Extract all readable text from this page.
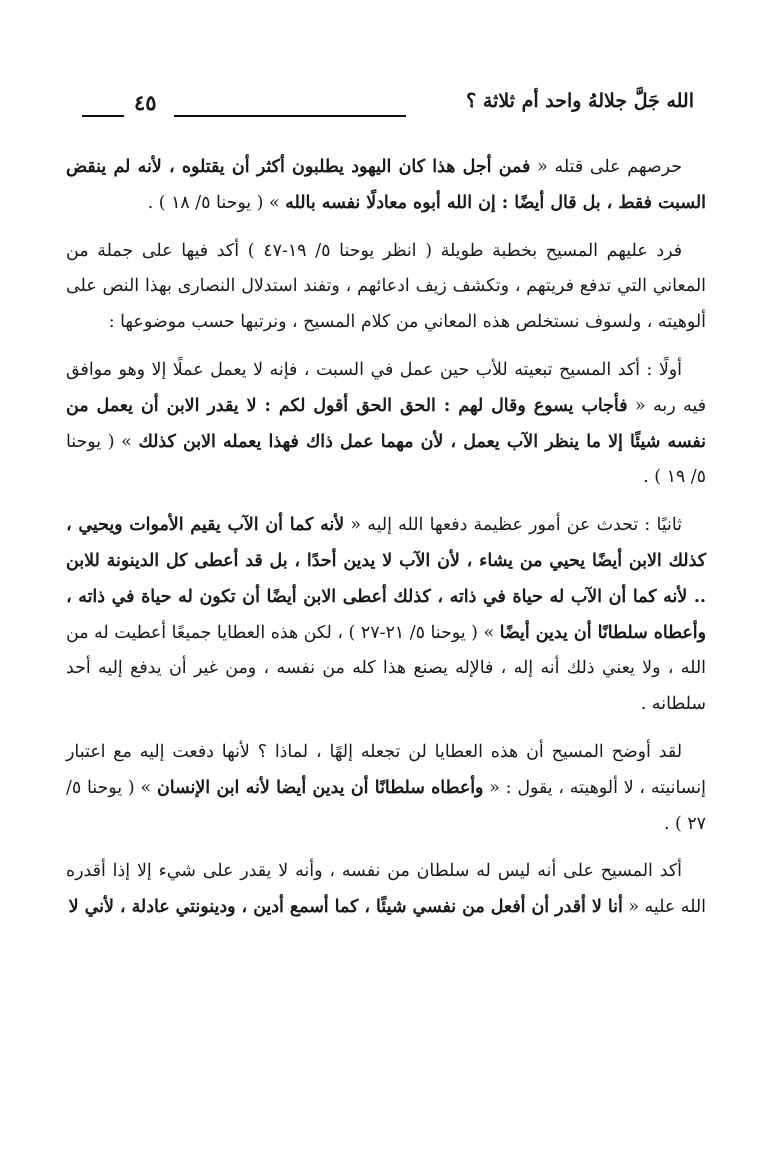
الله جَلَّ جلالهُ واحد أم ثلاثة ؟
٤٥

حرصهم على قتله « فمن أجل هذا كان اليهود يطلبون أكثر أن يقتلوه ، لأنه لم ينقض السبت فقط ، بل قال أيضًا : إن الله أبوه معادلًا نفسه بالله » ( يوحنا ٥/ ١٨ ) .

فرد عليهم المسيح بخطبة طويلة ( انظر يوحنا ٥/ ١٩-٤٧ ) أكد فيها على جملة من المعاني التي تدفع فريتهم ، وتكشف زيف ادعائهم ، وتفند استدلال النصارى بهذا النص على ألوهيته ، ولسوف نستخلص هذه المعاني من كلام المسيح ، ونرتبها حسب موضوعها :

أولًا : أكد المسيح تبعيته للأب حين عمل في السبت ، فإنه لا يعمل عملًا إلا وهو موافق فيه ربه « فأجاب يسوع وقال لهم : الحق الحق أقول لكم : لا يقدر الابن أن يعمل من نفسه شيئًا إلا ما ينظر الآب يعمل ، لأن مهما عمل ذاك فهذا يعمله الابن كذلك » ( يوحنا ٥/ ١٩ ) .

ثانيًا : تحدث عن أمور عظيمة دفعها الله إليه « لأنه كما أن الآب يقيم الأموات ويحيي ، كذلك الابن أيضًا يحيي من يشاء ، لأن الآب لا يدين أحدًا ، بل قد أعطى كل الدينونة للابن .. لأنه كما أن الآب له حياة في ذاته ، كذلك أعطى الابن أيضًا أن تكون له حياة في ذاته ، وأعطاه سلطانًا أن يدين أيضًا » ( يوحنا ٥/ ٢١-٢٧ ) ، لكن هذه العطايا جميعًا أعطيت له من الله ، ولا يعني ذلك أنه إله ، فالإله يصنع هذا كله من نفسه ، ومن غير أن يدفع إليه أحد سلطانه .

لقد أوضح المسيح أن هذه العطايا لن تجعله إلهًا ، لماذا ؟ لأنها دفعت إليه مع اعتبار إنسانيته ، لا ألوهيته ، يقول : « وأعطاه سلطانًا أن يدين أيضا لأنه ابن الإنسان » ( يوحنا ٥/ ٢٧ ) .

أكد المسيح على أنه ليس له سلطان من نفسه ، وأنه لا يقدر على شيء إلا إذا أقدره الله عليه « أنا لا أقدر أن أفعل من نفسي شيئًا ، كما أسمع أدين ، ودينونتي عادلة ، لأني لا
